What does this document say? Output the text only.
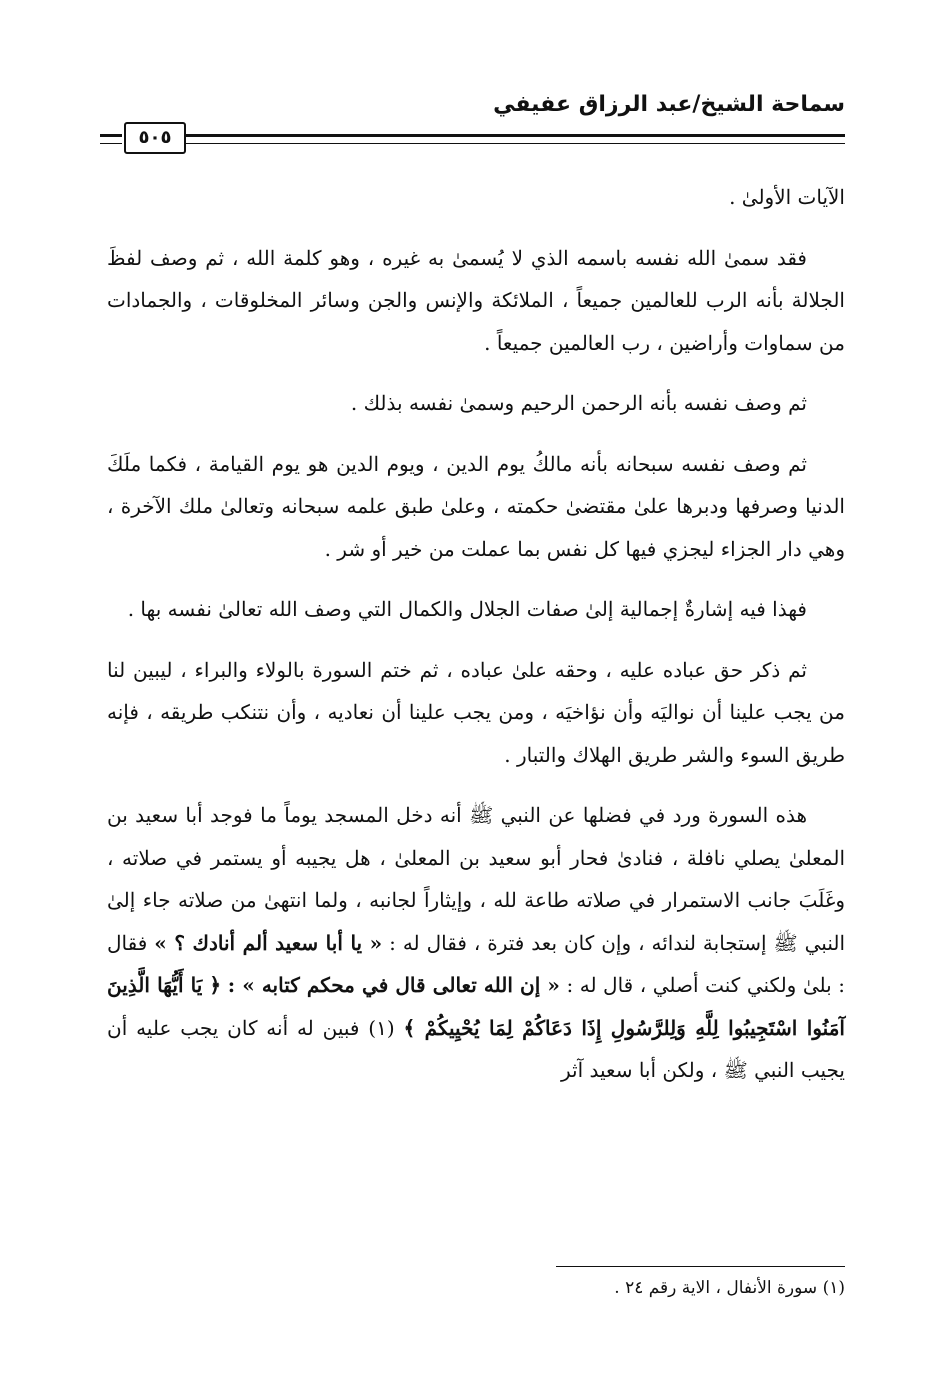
سماحة الشيخ/عبد الرزاق عفيفي
٥٠٥

الآيات الأولىٰ .

فقد سمىٰ الله نفسه باسمه الذي لا يُسمىٰ به غيره ، وهو كلمة الله ، ثم وصف لفظَ الجلالة بأنه الرب للعالمين جميعاً ، الملائكة والإنس والجن وسائر المخلوقات ، والجمادات من سماوات وأراضين ، رب العالمين جميعاً .

ثم وصف نفسه بأنه الرحمن الرحيم وسمىٰ نفسه بذلك .

ثم وصف نفسه سبحانه بأنه مالكُ يوم الدين ، ويوم الدين هو يوم القيامة ، فكما ملَكَ الدنيا وصرفها ودبرها علىٰ مقتضىٰ حكمته ، وعلىٰ طبق علمه سبحانه وتعالىٰ ملك الآخرة ، وهي دار الجزاء ليجزي فيها كل نفس بما عملت من خير أو شر .

فهذا فيه إشارةٌ إجمالية إلىٰ صفات الجلال والكمال التي وصف الله تعالىٰ نفسه بها .

ثم ذكر حق عباده عليه ، وحقه علىٰ عباده ، ثم ختم السورة بالولاء والبراء ، ليبين لنا من يجب علينا أن نواليَه وأن نؤاخيَه ، ومن يجب علينا أن نعاديه ، وأن نتنكب طريقه ، فإنه طريق السوء والشر طريق الهلاك والتبار .

هذه السورة ورد في فضلها عن النبي ﷺ أنه دخل المسجد يوماً ما فوجد أبا سعيد بن المعلىٰ يصلي نافلة ، فنادىٰ فحار أبو سعيد بن المعلىٰ ، هل يجيبه أو يستمر في صلاته ، وغَلَبَ جانب الاستمرار في صلاته طاعة لله ، وإيثاراً لجانبه ، ولما انتهىٰ من صلاته جاء إلىٰ النبي ﷺ إستجابة لندائه ، وإن كان بعد فترة ، فقال له : « يا أبا سعيد ألم أنادك ؟ » فقال : بلىٰ ولكني كنت أصلي ، قال له : « إن الله تعالى قال في محكم كتابه » : ﴿ يَا أَيُّهَا الَّذِينَ آمَنُوا اسْتَجِيبُوا لِلَّهِ وَلِلرَّسُولِ إِذَا دَعَاكُمْ لِمَا يُحْيِيكُمْ ﴾ (١) فبين له أنه كان يجب عليه أن يجيب النبي ﷺ ، ولكن أبا سعيد آثر

(١) سورة الأنفال ، الاية رقم ٢٤ .
